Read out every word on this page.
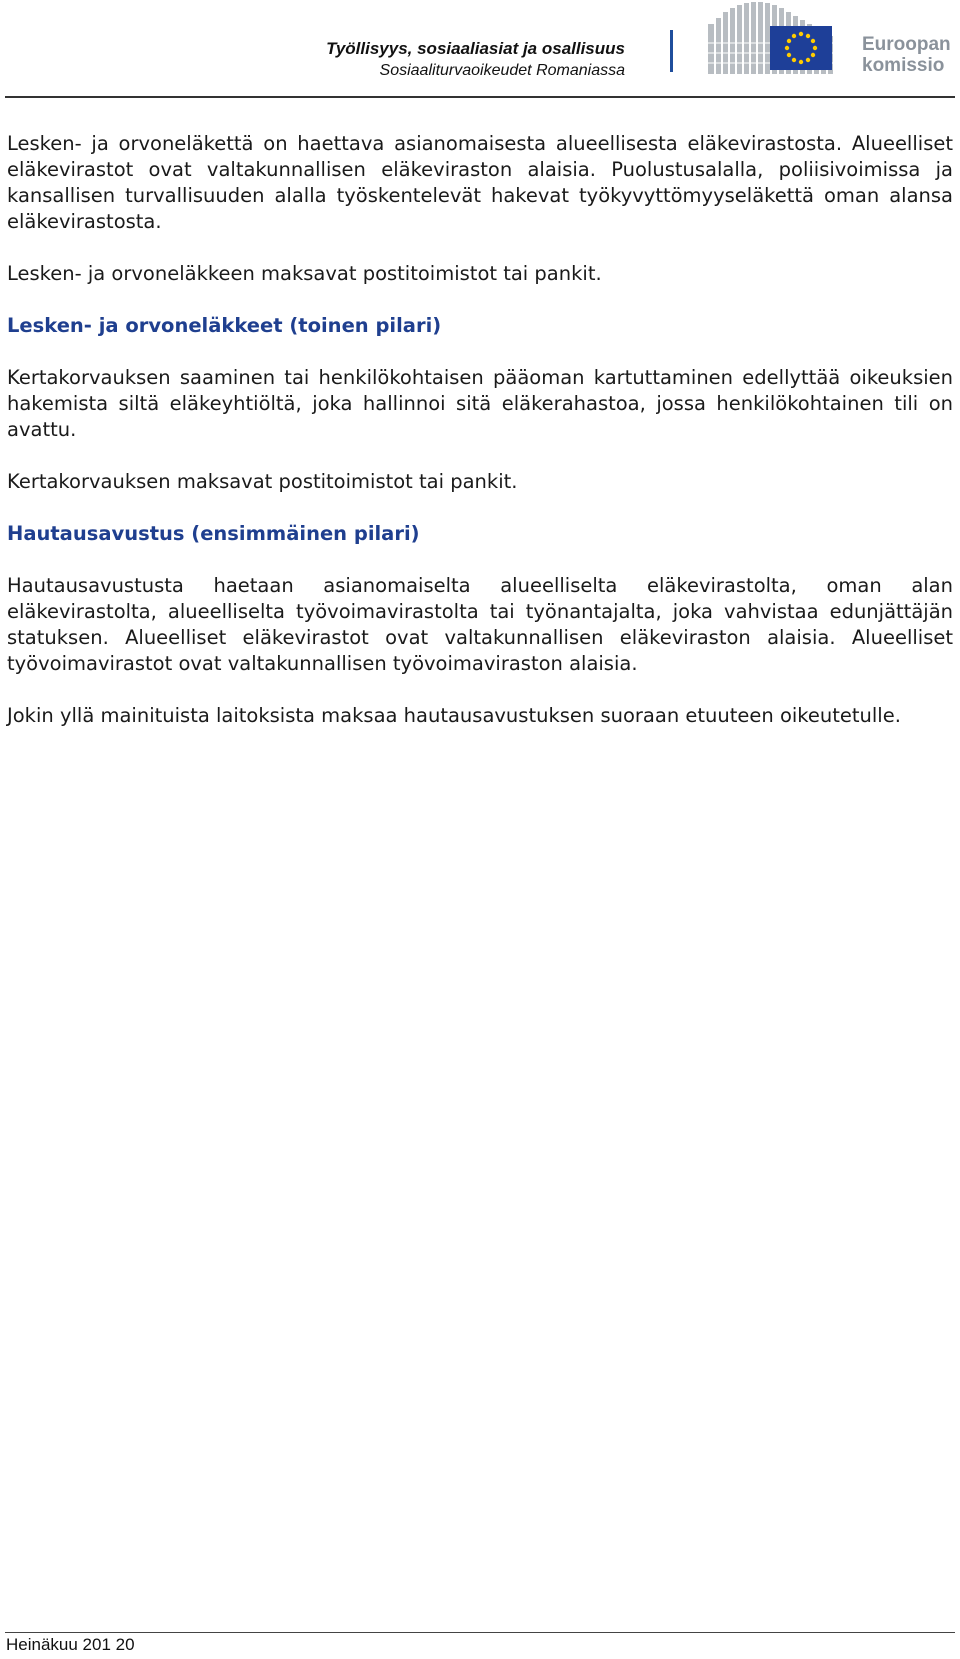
Työllisyys, sosiaaliasiat ja osallisuus
Sosiaaliturvaoikeudet Romaniassa
Euroopan
komissio

Lesken- ja orvoneläkettä on haettava asianomaisesta alueellisesta eläkevirastosta. Alueelliset eläkevirastot ovat valtakunnallisen eläkeviraston alaisia. Puolustusalalla, poliisivoimissa ja kansallisen turvallisuuden alalla työskentelevät hakevat työkyvyttömyyseläkettä oman alansa eläkevirastosta.

Lesken- ja orvoneläkkeen maksavat postitoimistot tai pankit.

Lesken- ja orvoneläkkeet (toinen pilari)

Kertakorvauksen saaminen tai henkilökohtaisen pääoman kartuttaminen edellyttää oikeuksien hakemista siltä eläkeyhtiöltä, joka hallinnoi sitä eläkerahastoa, jossa henkilökohtainen tili on avattu.

Kertakorvauksen maksavat postitoimistot tai pankit.

Hautausavustus (ensimmäinen pilari)

Hautausavustusta haetaan asianomaiselta alueelliselta eläkevirastolta, oman alan eläkevirastolta, alueelliselta työvoimavirastolta tai työnantajalta, joka vahvistaa edunjättäjän statuksen. Alueelliset eläkevirastot ovat valtakunnallisen eläkeviraston alaisia. Alueelliset työvoimavirastot ovat valtakunnallisen työvoimaviraston alaisia.

Jokin yllä mainituista laitoksista maksaa hautausavustuksen suoraan etuuteen oikeutetulle.

Heinäkuu 201 20
